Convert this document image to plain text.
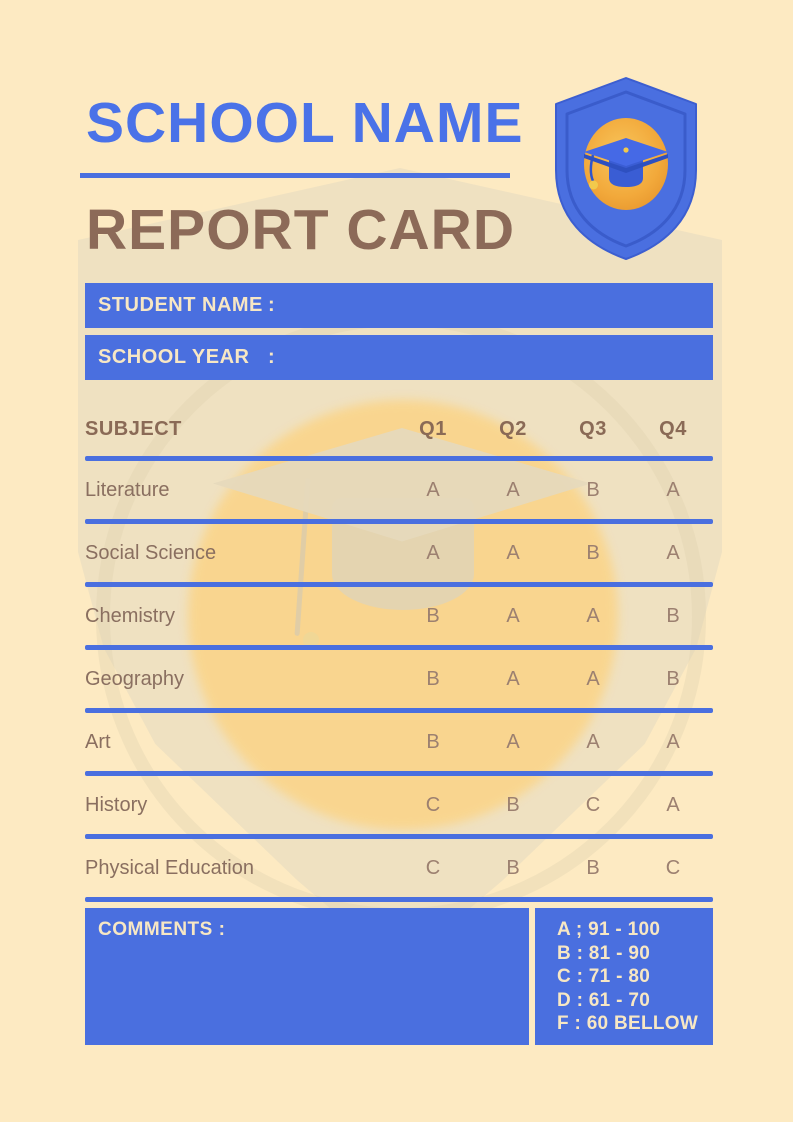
SCHOOL NAME
REPORT CARD
STUDENT NAME :
SCHOOL YEAR :
SUBJECT	Q1	Q2	Q3	Q4
Literature	A	A	B	A
Social Science	A	A	B	A
Chemistry	B	A	A	B
Geography	B	A	A	B
Art	B	A	A	A
History	C	B	C	A
Physical Education	C	B	B	C
COMMENTS :	A ; 91 - 100
B : 81 - 90
C : 71 - 80
D : 61 - 70
F : 60 BELLOW
